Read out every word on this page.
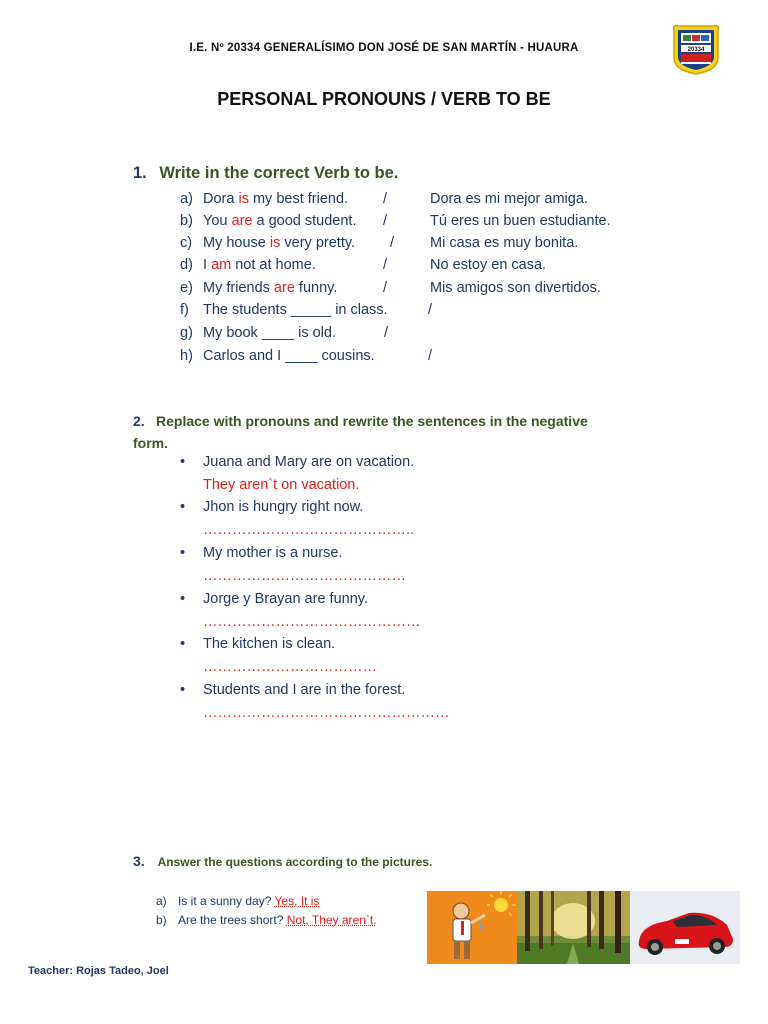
I.E. Nº 20334 GENERALÍSIMO DON JOSÉ DE SAN MARTÍN - HUAURA
PERSONAL PRONOUNS / VERB TO BE
20334
1. Write in the correct Verb to be.
a) Dora is my best friend. /	Dora es mi mejor amiga.
b) You are a good student. /	Tú eres un buen estudiante.
c) My house is very pretty. / Mi casa es muy bonita.
d) I am not at home.	/	No estoy en casa.
e) My friends are funny.	/	Mis amigos son divertidos.
f) The students _____ in class.	/
g) My book ____ is old.	/
h) Carlos and I ____ cousins.	/
2. Replace with pronouns and rewrite the sentences in the negative
form.
• Juana and Mary are on vacation.
They aren`t on vacation.
• Jhon is hungry right now.
……………………………………..
• My mother is a nurse.
……………………………………
• Jorge y Brayan are funny.
………………………………………
• The kitchen is clean.
………………………………
• Students and I are in the forest.
……………………………………………
3. Answer the questions according to the pictures.
a) Is it a sunny day? Yes, It is
b) Are the trees short? Not, They aren`t.
Teacher: Rojas Tadeo, Joel
